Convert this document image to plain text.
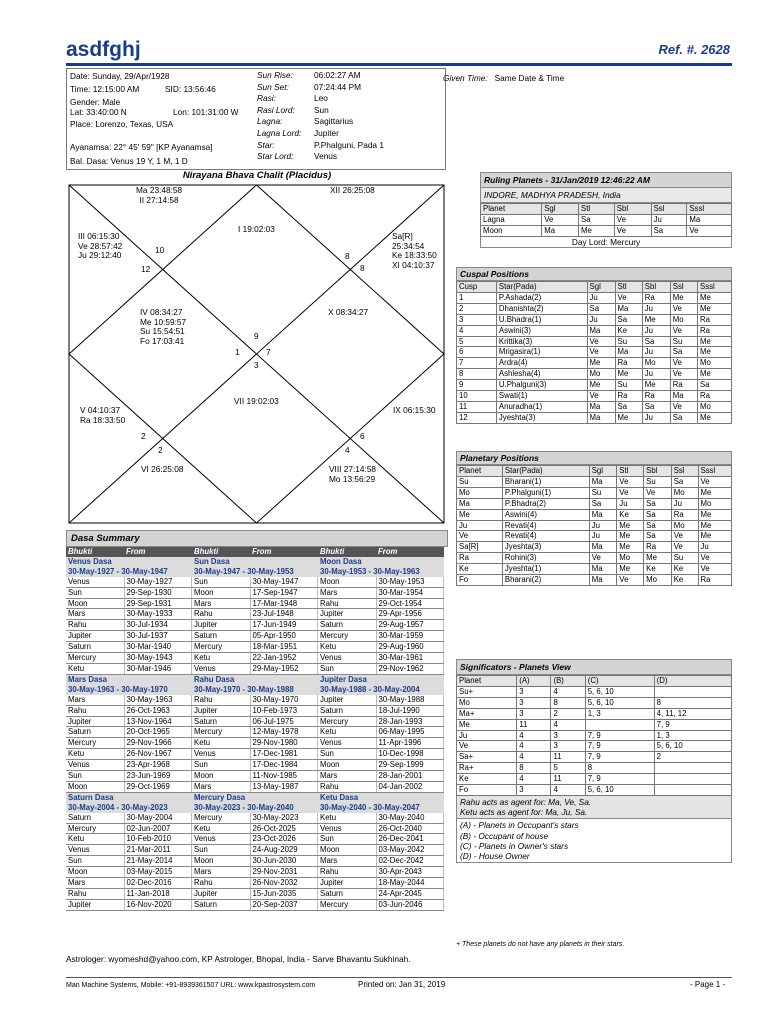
asdfghj	Ref. #. 2628
Date: Sunday, 29/Apr/1928
Time: 12:15:00 AM	SID: 13:56:46
Gender: Male
Lat: 33:40:00 N	Lon: 101:31:00 W
Place: Lorenzo, Texas, USA
Ayanamsa: 22° 45' 59" [KP Ayanamsa]
Bal. Dasa: Venus 19 Y, 1 M, 1 D
Sun Rise:	06:02:27 AM
Sun Set:	07:24:44 PM
Rasi:	Leo
Rasi Lord: Sun
Lagna:	Sagittarius
Lagna Lord: Jupiter
Star:	P.Phalguni, Pada 1
Star Lord: Venus
Given Time: Same Date & Time
Nirayana Bhava Chalit (Placidus)
Ma 23:48:58
II 27:14:58
XII 26:25:08
I 19:02:03
III 06:15:30
Ve 28:57:42
Ju 29:12:40
10
12
8
8
Sa[R]
25:34:54
Ke 18:33:50
XI 04:10:37
IV 08:34:27
Me 10:59:57
Su 15:54:51
Fo 17:03:41
X 08:34:27
9
1	7
3
VII 19:02:03
V 04:10:37
Ra 18:33:50
IX 06:15:30
2
2
6
4
VI 26:25:08	VIII 27:14:58
Mo 13:56:29
Ruling Planets - 31/Jan/2019 12:46:22 AM
INDORE, MADHYA PRADESH, India
Planet	Sgl	Stl	Sbl	Ssl	Sssl
Lagna	Ve	Sa	Ve	Ju	Ma
Moon	Ma	Me	Ve	Sa	Ve
Day Lord: Mercury
Cuspal Positions
Cusp	Star(Pada)	Sgl	Stl	Sbl	Ssl	Sssl
1	P.Ashada(2)	Ju	Ve	Ra	Me	Me
2	Dhanishta(2)	Sa	Ma	Ju	Ve	Me
3	U.Bhadra(1)	Ju	Sa	Me	Mo	Ra
4	Aswini(3)	Ma	Ke	Ju	Ve	Ra
5	Krittika(3)	Ve	Su	Sa	Su	Me
6	Mrigasira(1)	Ve	Ma	Ju	Sa	Me
7	Ardra(4)	Me	Ra	Mo	Ve	Mo
8	Ashlesha(4)	Mo	Me	Ju	Ve	Me
9	U.Phalguni(3)	Me	Su	Me	Ra	Sa
10	Swati(1)	Ve	Ra	Ra	Ma	Ra
11	Anuradha(1)	Ma	Sa	Sa	Ve	Mo
12	Jyeshta(3)	Ma	Me	Ju	Sa	Me
Planetary Positions
Planet	Star(Pada)	Sgl	Stl	Sbl	Ssl	Sssl
Su	Bharani(1)	Ma	Ve	Su	Sa	Ve
Mo	P.Phalguni(1)	Su	Ve	Ve	Mo	Me
Ma	P.Bhadra(2)	Sa	Ju	Sa	Ju	Mo
Me	Aswini(4)	Ma	Ke	Sa	Ra	Me
Ju	Revati(4)	Ju	Me	Sa	Mo	Me
Ve	Revati(4)	Ju	Me	Sa	Ve	Me
Sa[R]	Jyeshta(3)	Ma	Me	Ra	Ve	Ju
Ra	Rohini(3)	Ve	Mo	Me	Su	Ve
Ke	Jyeshta(1)	Ma	Me	Ke	Ke	Ve
Fo	Bharani(2)	Ma	Ve	Mo	Ke	Ra
Dasa Summary
Bhukti	From
Venus Dasa	
30-May-1927 - 30-May-1947	
Venus	30-May-1927
Sun	29-Sep-1930
Moon	29-Sep-1931
Mars	30-May-1933
Rahu	30-Jul-1934
Jupiter	30-Jul-1937
Saturn	30-Mar-1940
Mercury	30-May-1943
Ketu	30-Mar-1946
Mars Dasa	
30-May-1963 - 30-May-1970	
Mars	30-May-1963
Rahu	26-Oct-1963
Jupiter	13-Nov-1964
Saturn	20-Oct-1965
Mercury	29-Nov-1966
Ketu	26-Nov-1967
Venus	23-Apr-1968
Sun	23-Jun-1969
Moon	29-Oct-1969
Saturn Dasa	
30-May-2004 - 30-May-2023	
Saturn	30-May-2004
Mercury	02-Jun-2007
Ketu	10-Feb-2010
Venus	21-Mar-2011
Sun	21-May-2014
Moon	03-May-2015
Mars	02-Dec-2016
Rahu	11-Jan-2018
Jupiter	16-Nov-2020
Bhukti	From
Sun Dasa	
30-May-1947 - 30-May-1953	
Sun	30-May-1947
Moon	17-Sep-1947
Mars	17-Mar-1948
Rahu	23-Jul-1948
Jupiter	17-Jun-1949
Saturn	05-Apr-1950
Mercury	18-Mar-1951
Ketu	22-Jan-1952
Venus	29-May-1952
Rahu Dasa	
30-May-1970 - 30-May-1988	
Rahu	30-May-1970
Jupiter	10-Feb-1973
Saturn	06-Jul-1975
Mercury	12-May-1978
Ketu	29-Nov-1980
Venus	17-Dec-1981
Sun	17-Dec-1984
Moon	11-Nov-1985
Mars	13-May-1987
Mercury Dasa	
30-May-2023 - 30-May-2040	
Mercury	30-May-2023
Ketu	26-Oct-2025
Venus	23-Oct-2026
Sun	24-Aug-2029
Moon	30-Jun-2030
Mars	29-Nov-2031
Rahu	26-Nov-2032
Jupiter	15-Jun-2035
Saturn	20-Sep-2037
Bhukti	From
Moon Dasa	
30-May-1953 - 30-May-1963	
Moon	30-May-1953
Mars	30-Mar-1954
Rahu	29-Oct-1954
Jupiter	29-Apr-1956
Saturn	29-Aug-1957
Mercury	30-Mar-1959
Ketu	29-Aug-1960
Venus	30-Mar-1961
Sun	29-Nov-1962
Jupiter Dasa	
30-May-1988 - 30-May-2004	
Jupiter	30-May-1988
Saturn	18-Jul-1990
Mercury	28-Jan-1993
Ketu	06-May-1995
Venus	11-Apr-1996
Sun	10-Dec-1998
Moon	29-Sep-1999
Mars	28-Jan-2001
Rahu	04-Jan-2002
Ketu Dasa	
30-May-2040 - 30-May-2047	
Ketu	30-May-2040
Venus	26-Oct-2040
Sun	26-Dec-2041
Moon	03-May-2042
Mars	02-Dec-2042
Rahu	30-Apr-2043
Jupiter	18-May-2044
Saturn	24-Apr-2045
Mercury	03-Jun-2046
Significators - Planets View
Planet	(A)	(B)	(C)	(D)
Su+	3	4	5, 6, 10	
Mo	3	8	5, 6, 10	8
Ma+	3	2	1, 3	4, 11, 12
Me	11	4		7, 9
Ju	4	3	7, 9	1, 3
Ve	4	3	7, 9	5, 6, 10
Sa+	4	11	7, 9	2
Ra+	8	5	8	
Ke	4	11	7, 9	
Fo	3	4	5, 6, 10	
Rahu acts as agent for: Ma, Ve, Sa.
Ketu acts as agent for: Ma, Ju, Sa.
(A) - Planets in Occupant's stars
(B) - Occupant of house
(C) - Planets in Owner's stars
(D) - House Owner
+ These planets do not have any planets in their stars.
Astrologer: wyomeshd@yahoo.com, KP Astrologer, Bhopal, India - Sarve Bhavantu Sukhinah.
Man Machine Systems, Mobile: +91-8939361507 URL: www.kpastrosystem.com	Printed on: Jan 31, 2019	- Page 1 -
